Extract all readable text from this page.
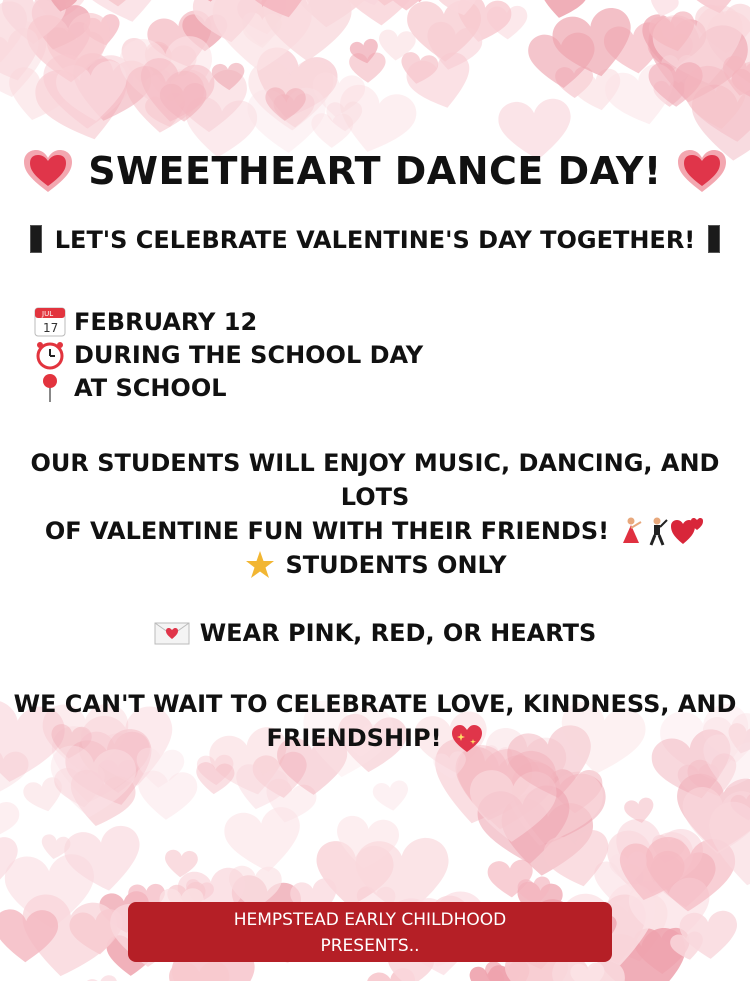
SWEETHEART DANCE DAY!
LET'S CELEBRATE VALENTINE'S DAY TOGETHER!
JUL
17 FEBRUARY 12
DURING THE SCHOOL DAY
AT SCHOOL
OUR STUDENTS WILL ENJOY MUSIC, DANCING, AND LOTS
OF VALENTINE FUN WITH THEIR FRIENDS!
STUDENTS ONLY
WEAR PINK, RED, OR HEARTS
WE CAN'T WAIT TO CELEBRATE LOVE, KINDNESS, AND
FRIENDSHIP!
HEMPSTEAD EARLY CHILDHOOD
PRESENTS..
